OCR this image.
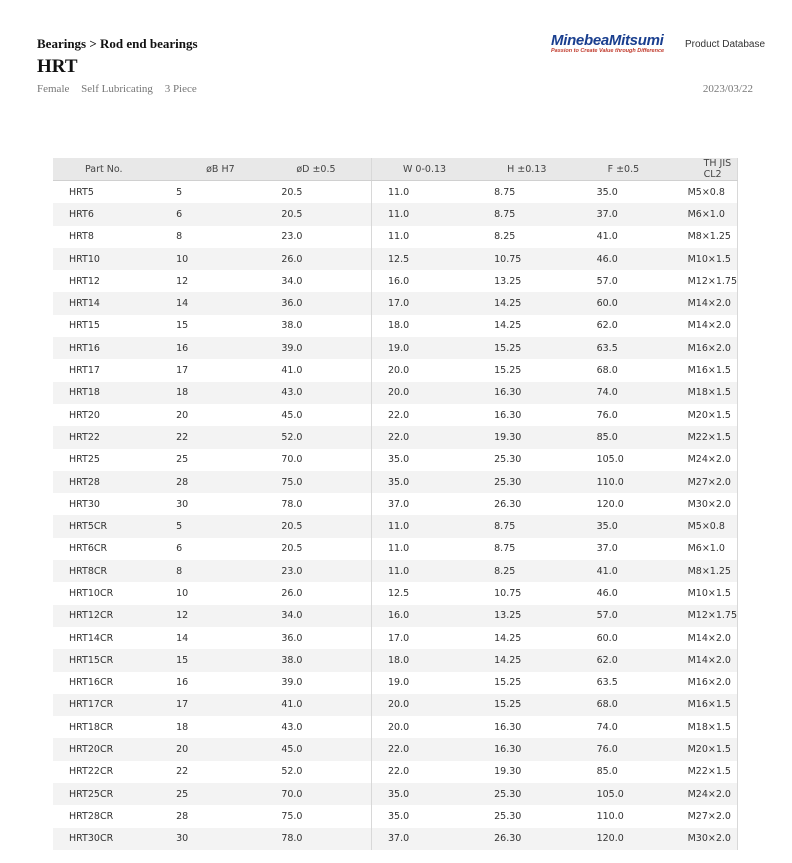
Bearings > Rod end bearings
HRT
Female Self Lubricating 3 Piece	2023/03/22
MinebeaMitsumi
Passion to Create Value through Difference
Product Database
Part No.	øB H7	øD ±0.5	W 0-0.13	H ±0.13	F ±0.5	TH JIS CL2
HRT5	5	20.5	11.0	8.75	35.0	M5×0.8
HRT6	6	20.5	11.0	8.75	37.0	M6×1.0
HRT8	8	23.0	11.0	8.25	41.0	M8×1.25
HRT10	10	26.0	12.5	10.75	46.0	M10×1.5
HRT12	12	34.0	16.0	13.25	57.0	M12×1.75
HRT14	14	36.0	17.0	14.25	60.0	M14×2.0
HRT15	15	38.0	18.0	14.25	62.0	M14×2.0
HRT16	16	39.0	19.0	15.25	63.5	M16×2.0
HRT17	17	41.0	20.0	15.25	68.0	M16×1.5
HRT18	18	43.0	20.0	16.30	74.0	M18×1.5
HRT20	20	45.0	22.0	16.30	76.0	M20×1.5
HRT22	22	52.0	22.0	19.30	85.0	M22×1.5
HRT25	25	70.0	35.0	25.30	105.0	M24×2.0
HRT28	28	75.0	35.0	25.30	110.0	M27×2.0
HRT30	30	78.0	37.0	26.30	120.0	M30×2.0
HRT5CR	5	20.5	11.0	8.75	35.0	M5×0.8
HRT6CR	6	20.5	11.0	8.75	37.0	M6×1.0
HRT8CR	8	23.0	11.0	8.25	41.0	M8×1.25
HRT10CR	10	26.0	12.5	10.75	46.0	M10×1.5
HRT12CR	12	34.0	16.0	13.25	57.0	M12×1.75
HRT14CR	14	36.0	17.0	14.25	60.0	M14×2.0
HRT15CR	15	38.0	18.0	14.25	62.0	M14×2.0
HRT16CR	16	39.0	19.0	15.25	63.5	M16×2.0
HRT17CR	17	41.0	20.0	15.25	68.0	M16×1.5
HRT18CR	18	43.0	20.0	16.30	74.0	M18×1.5
HRT20CR	20	45.0	22.0	16.30	76.0	M20×1.5
HRT22CR	22	52.0	22.0	19.30	85.0	M22×1.5
HRT25CR	25	70.0	35.0	25.30	105.0	M24×2.0
HRT28CR	28	75.0	35.0	25.30	110.0	M27×2.0
HRT30CR	30	78.0	37.0	26.30	120.0	M30×2.0
